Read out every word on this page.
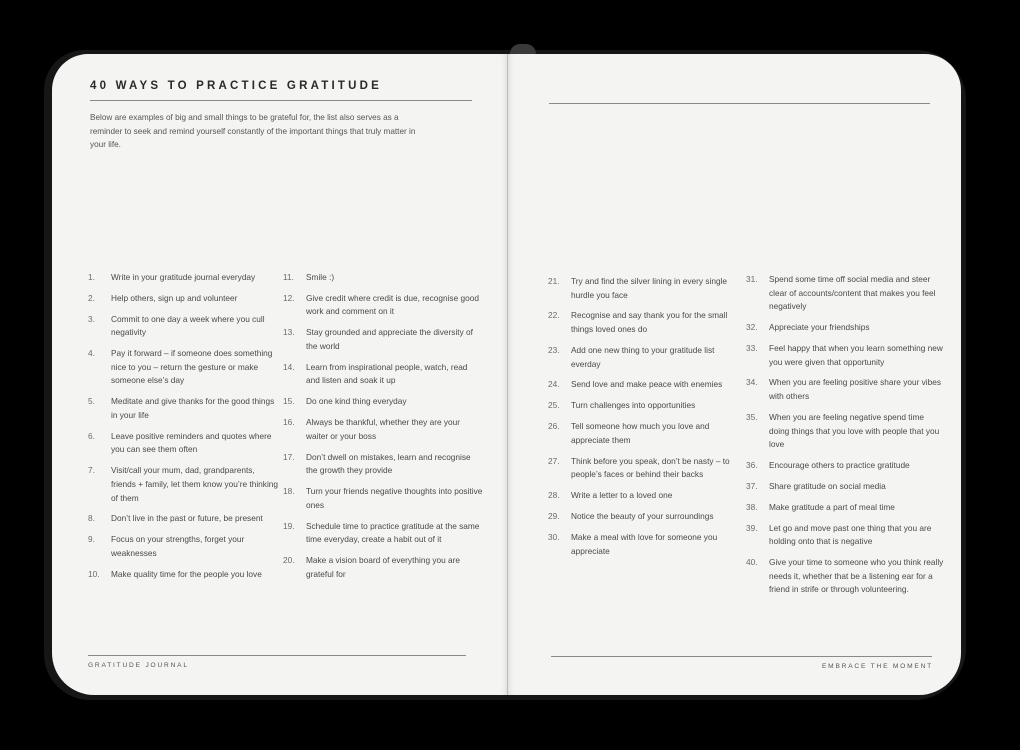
40 WAYS TO PRACTICE GRATITUDE
Below are examples of big and small things to be grateful for, the list also serves as a reminder to seek and remind yourself constantly of the important things that truly matter in your life.
1.	Write in your gratitude journal everyday
2.	Help others, sign up and volunteer
3.	Commit to one day a week where you cull negativity
4.	Pay it forward – if someone does something nice to you – return the gesture or make someone else’s day
5.	Meditate and give thanks for the good things in your life
6.	Leave positive reminders and quotes where you can see them often
7.	Visit/call your mum, dad, grandparents, friends + family, let them know you’re thinking of them
8.	Don’t live in the past or future, be present
9.	Focus on your strengths, forget your weaknesses
10.	Make quality time for the people you love
11.	Smile :)
12.	Give credit where credit is due, recognise good work and comment on it
13.	Stay grounded and appreciate the diversity of the world
14.	Learn from inspirational people, watch, read and listen and soak it up
15.	Do one kind thing everyday
16.	Always be thankful, whether they are your waiter or your boss
17.	Don’t dwell on mistakes, learn and recognise the growth they provide
18.	Turn your friends negative thoughts into positive ones
19.	Schedule time to practice gratitude at the same time everyday, create a habit out of it
20.	Make a vision board of everything you are grateful for
GRATITUDE JOURNAL
21.	Try and find the silver lining in every single hurdle you face
22.	Recognise and say thank you for the small things loved ones do
23.	Add one new thing to your gratitude list everday
24.	Send love and make peace with enemies
25.	Turn challenges into opportunities
26.	Tell someone how much you love and appreciate them
27.	Think before you speak, don’t be nasty – to people’s faces or behind their backs
28.	Write a letter to a loved one
29.	Notice the beauty of your surroundings
30.	Make a meal with love for someone you appreciate
31.	Spend some time off social media and steer clear of accounts/content that makes you feel negatively
32.	Appreciate your friendships
33.	Feel happy that when you learn something new you were given that opportunity
34.	When you are feeling positive share your vibes with others
35.	When you are feeling negative spend time doing things that you love with people that you love
36.	Encourage others to practice gratitude
37.	Share gratitude on social media
38.	Make gratitude a part of meal time
39.	Let go and move past one thing that you are holding onto that is negative
40.	Give your time to someone who you think really needs it, whether that be a listening ear for a friend in strife or through volunteering.
EMBRACE THE MOMENT
